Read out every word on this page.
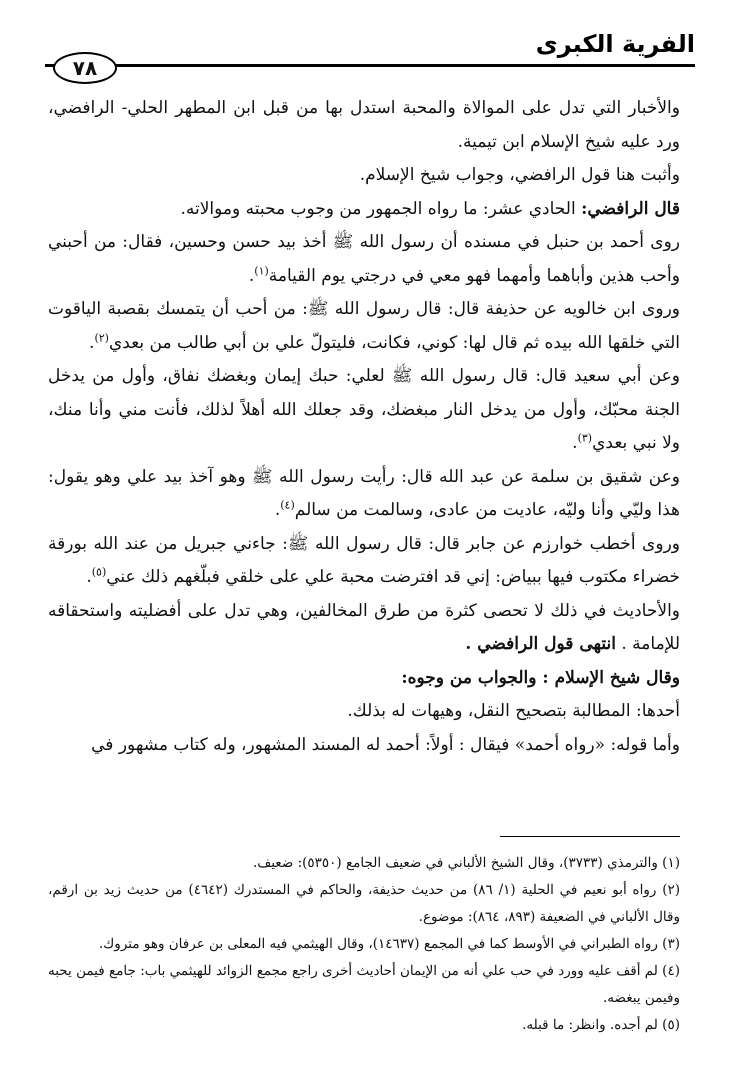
الفرية الكبرى
٧٨

والأخبار التي تدل على الموالاة والمحبة استدل بها من قبل ابن المطهر الحلي- الرافضي، ورد عليه شيخ الإسلام ابن تيمية.

وأثبت هنا قول الرافضي، وجواب شيخ الإسلام.

قال الرافضي: الحادي عشر: ما رواه الجمهور من وجوب محبته وموالاته.

روى أحمد بن حنبل في مسنده أن رسول الله ﷺ أخذ بيد حسن وحسين، فقال: من أحبني وأحب هذين وأباهما وأمهما فهو معي في درجتي يوم القيامة$^{(١)}$.

وروى ابن خالويه عن حذيفة قال: قال رسول الله ﷺ: من أحب أن يتمسك بقصبة الياقوت التي خلقها الله بيده ثم قال لها: كوني، فكانت، فليتولّ علي بن أبي طالب من بعدي$^{(٢)}$.

وعن أبي سعيد قال: قال رسول الله ﷺ لعلي: حبك إيمان وبغضك نفاق، وأول من يدخل الجنة محبّك، وأول من يدخل النار مبغضك، وقد جعلك الله أهلاً لذلك، فأنت مني وأنا منك، ولا نبي بعدي$^{(٣)}$.

وعن شقيق بن سلمة عن عبد الله قال: رأيت رسول الله ﷺ وهو آخذ بيد علي وهو يقول: هذا وليّي وأنا وليّه، عاديت من عادى، وسالمت من سالم$^{(٤)}$.

وروى أخطب خوارزم عن جابر قال: قال رسول الله ﷺ: جاءني جبريل من عند الله بورقة خضراء مكتوب فيها ببياض: إني قد افترضت محبة علي على خلقي فبلّغهم ذلك عني$^{(٥)}$.

والأحاديث في ذلك لا تحصى كثرة من طرق المخالفين، وهي تدل على أفضليته واستحقاقه للإمامة . انتهى قول الرافضي .

وقال شيخ الإسلام : والجواب من وجوه:

أحدها: المطالبة بتصحيح النقل، وهيهات له بذلك.

وأما قوله: «رواه أحمد» فيقال : أولاً: أحمد له المسند المشهور، وله كتاب مشهور في

(١) والترمذي (٣٧٣٣)، وقال الشيخ الألباني في ضعيف الجامع (٥٣٥٠): ضعيف.

(٢) رواه أبو نعيم في الحلية (١/ ٨٦) من حديث حذيفة، والحاكم في المستدرك (٤٦٤٢) من حديث زيد بن ارقم، وقال الألباني في الضعيفة (٨٩٣، ٨٦٤): موضوع.

(٣) رواه الطبراني في الأوسط كما في المجمع (١٤٦٣٧)، وقال الهيثمي فيه المعلى بن عرفان وهو متروك.

(٤) لم أقف عليه وورد في حب علي أنه من الإيمان أحاديث أخرى راجع مجمع الزوائد للهيثمي باب: جامع فيمن يحبه وفيمن يبغضه.

(٥) لم أجده. وانظر: ما قبله.
